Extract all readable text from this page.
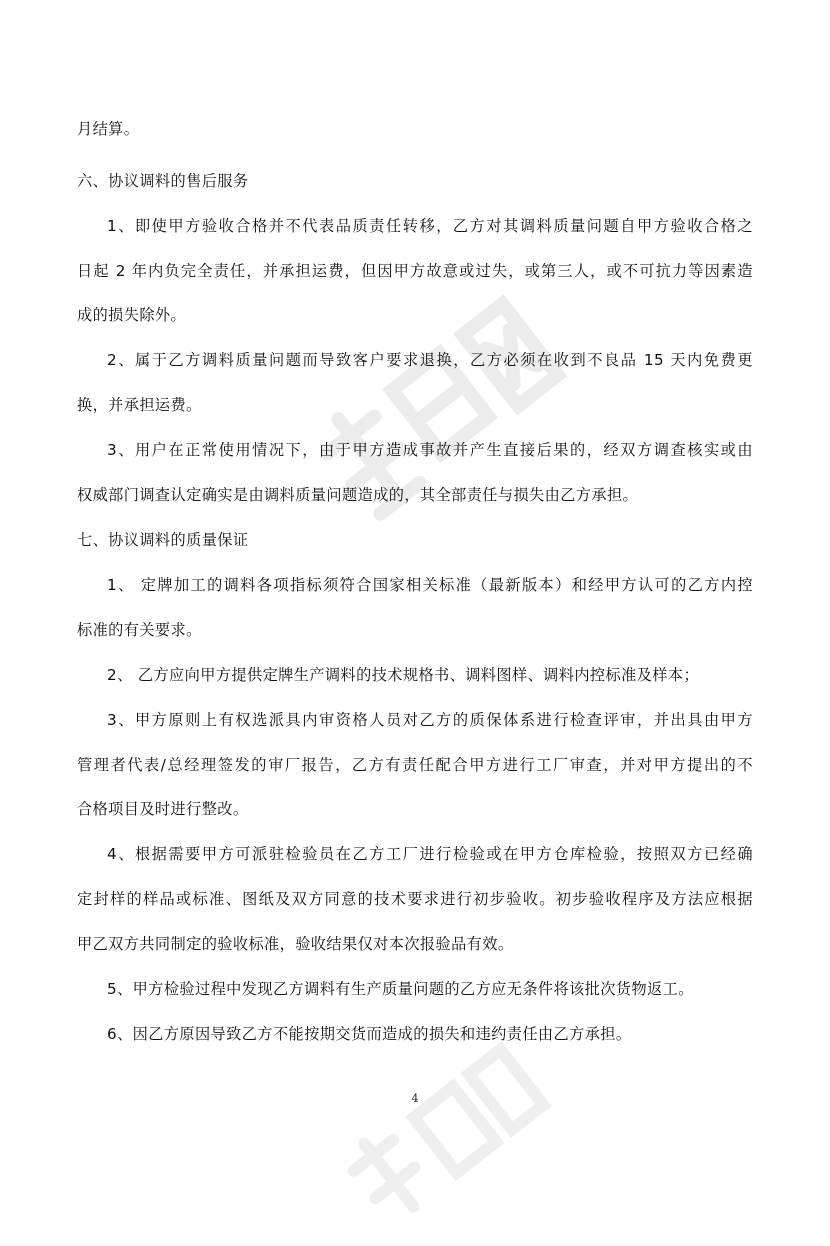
月结算。
六、协议调料的售后服务
1、即使甲方验收合格并不代表品质责任转移，乙方对其调料质量问题自甲方验收合格之
日起 2 年内负完全责任，并承担运费，但因甲方故意或过失，或第三人，或不可抗力等因素造
成的损失除外。
2、属于乙方调料质量问题而导致客户要求退换，乙方必须在收到不良品 15 天内免费更
换，并承担运费。
3、用户在正常使用情况下，由于甲方造成事故并产生直接后果的，经双方调查核实或由
权威部门调查认定确实是由调料质量问题造成的，其全部责任与损失由乙方承担。
七、协议调料的质量保证
1、 定牌加工的调料各项指标须符合国家相关标准（最新版本）和经甲方认可的乙方内控
标准的有关要求。
2、 乙方应向甲方提供定牌生产调料的技术规格书、调料图样、调料内控标准及样本；
3、甲方原则上有权选派具内审资格人员对乙方的质保体系进行检查评审，并出具由甲方
管理者代表/总经理签发的审厂报告，乙方有责任配合甲方进行工厂审查，并对甲方提出的不
合格项目及时进行整改。
4、根据需要甲方可派驻检验员在乙方工厂进行检验或在甲方仓库检验，按照双方已经确
定封样的样品或标准、图纸及双方同意的技术要求进行初步验收。初步验收程序及方法应根据
甲乙双方共同制定的验收标准，验收结果仅对本次报验品有效。
5、甲方检验过程中发现乙方调料有生产质量问题的乙方应无条件将该批次货物返工。
6、因乙方原因导致乙方不能按期交货而造成的损失和违约责任由乙方承担。
4
